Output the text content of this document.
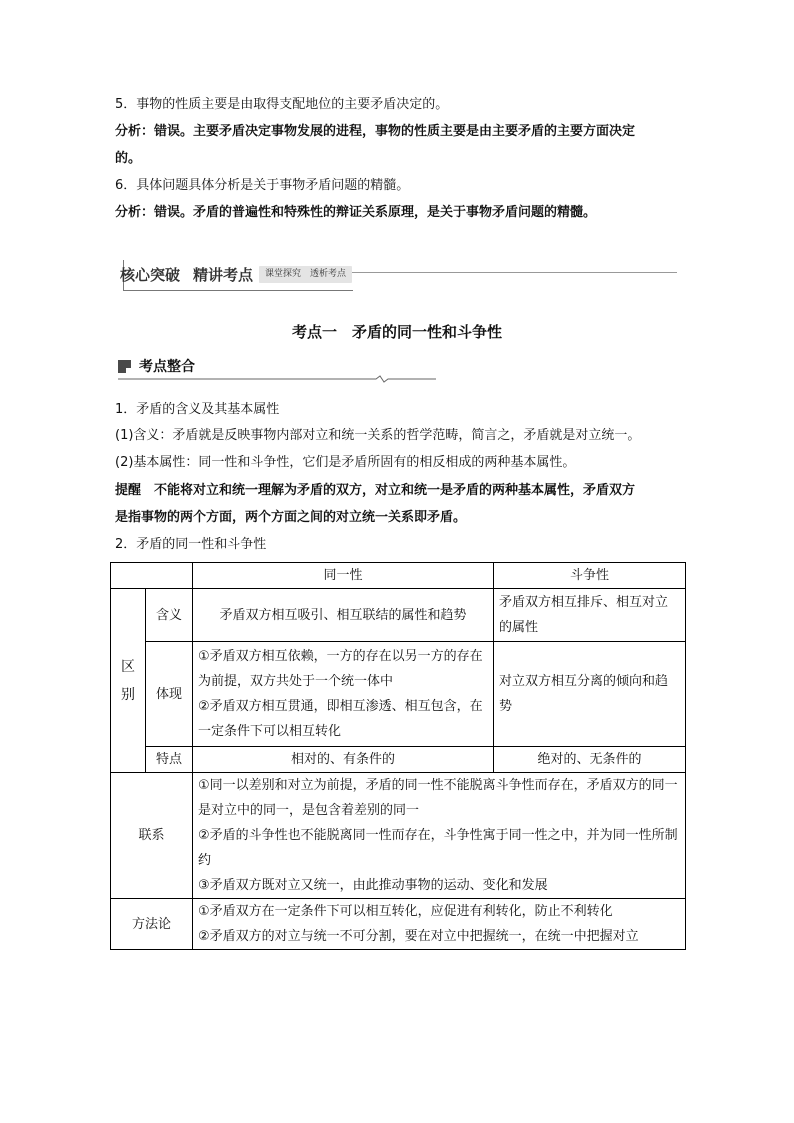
5．事物的性质主要是由取得支配地位的主要矛盾决定的。
分析：错误。主要矛盾决定事物发展的进程，事物的性质主要是由主要矛盾的主要方面决定
的。
6．具体问题具体分析是关于事物矛盾问题的精髓。
分析：错误。矛盾的普遍性和特殊性的辩证关系原理，是关于事物矛盾问题的精髓。
核心突破 精讲考点	课堂探究　透析考点
考点一　矛盾的同一性和斗争性
考点整合
1．矛盾的含义及其基本属性
(1)含义：矛盾就是反映事物内部对立和统一关系的哲学范畴，简言之，矛盾就是对立统一。
(2)基本属性：同一性和斗争性，它们是矛盾所固有的相反相成的两种基本属性。
提醒　不能将对立和统一理解为矛盾的双方，对立和统一是矛盾的两种基本属性，矛盾双方
是指事物的两个方面，两个方面之间的对立统一关系即矛盾。
2．矛盾的同一性和斗争性
		同一性	斗争性

区
别	含义	矛盾双方相互吸引、相互联结的属性和趋势	矛盾双方相互排斥、相互对立的属性
	体现	①矛盾双方相互依赖，一方的存在以另一方的存在为前提，双方共处于一个统一体中
②矛盾双方相互贯通，即相互渗透、相互包含，在一定条件下可以相互转化	对立双方相互分离的倾向和趋势
	特点	相对的、有条件的	绝对的、无条件的
联系		①同一以差别和对立为前提，矛盾的同一性不能脱离斗争性而存在，矛盾双方的同一是对立中的同一，是包含着差别的同一
②矛盾的斗争性也不能脱离同一性而存在，斗争性寓于同一性之中，并为同一性所制约
③矛盾双方既对立又统一，由此推动事物的运动、变化和发展	

方法论		①矛盾双方在一定条件下可以相互转化，应促进有利转化，防止不利转化
②矛盾双方的对立与统一不可分割，要在对立中把握统一，在统一中把握对立	
